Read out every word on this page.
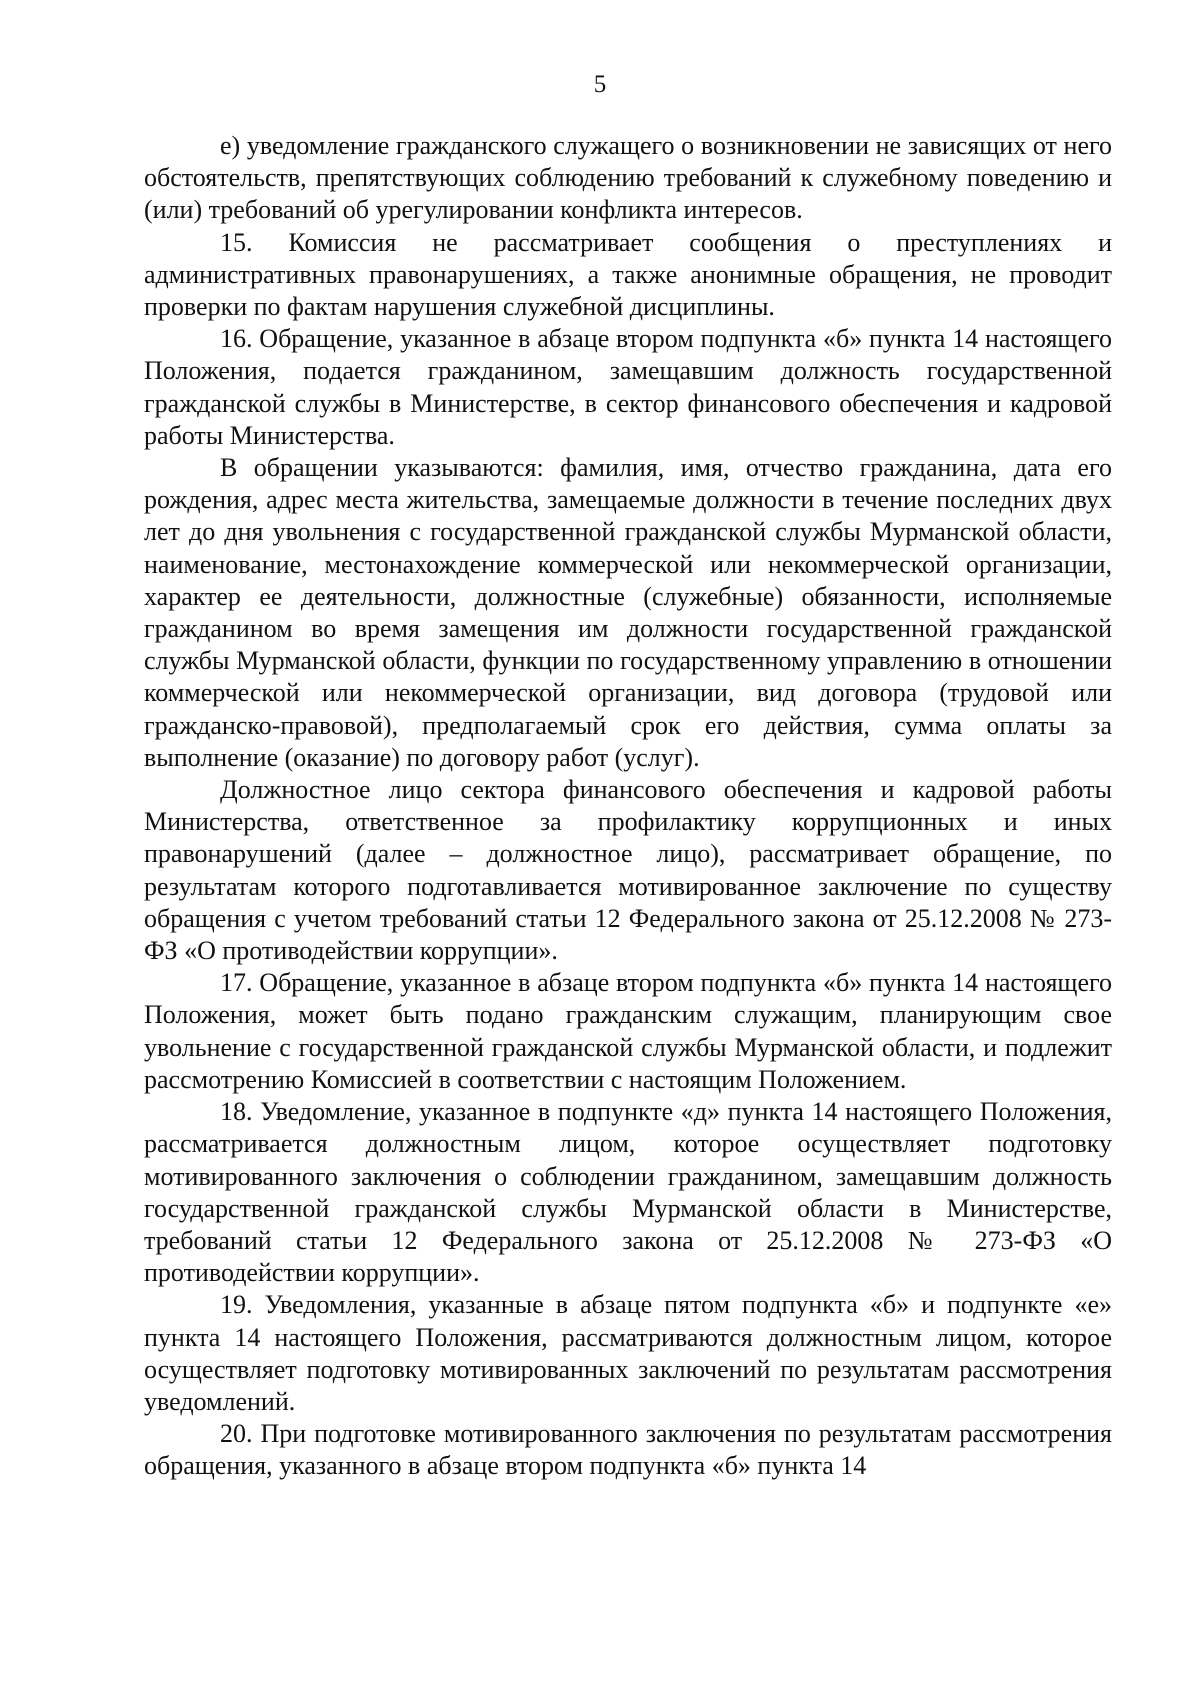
5

е) уведомление гражданского служащего о возникновении не зависящих от него обстоятельств, препятствующих соблюдению требований к служебному поведению и (или) требований об урегулировании конфликта интересов.

15. Комиссия не рассматривает сообщения о преступлениях и административных правонарушениях, а также анонимные обращения, не проводит проверки по фактам нарушения служебной дисциплины.

16. Обращение, указанное в абзаце втором подпункта «б» пункта 14 настоящего Положения, подается гражданином, замещавшим должность государственной гражданской службы в Министерстве, в сектор финансового обеспечения и кадровой работы Министерства.

В обращении указываются: фамилия, имя, отчество гражданина, дата его рождения, адрес места жительства, замещаемые должности в течение последних двух лет до дня увольнения с государственной гражданской службы Мурманской области, наименование, местонахождение коммерческой или некоммерческой организации, характер ее деятельности, должностные (служебные) обязанности, исполняемые гражданином во время замещения им должности государственной гражданской службы Мурманской области, функции по государственному управлению в отношении коммерческой или некоммерческой организации, вид договора (трудовой или гражданско-правовой), предполагаемый срок его действия, сумма оплаты за выполнение (оказание) по договору работ (услуг).

Должностное лицо сектора финансового обеспечения и кадровой работы Министерства, ответственное за профилактику коррупционных и иных правонарушений (далее – должностное лицо), рассматривает обращение, по результатам которого подготавливается мотивированное заключение по существу обращения с учетом требований статьи 12 Федерального закона от 25.12.2008 № 273-ФЗ «О противодействии коррупции».

17. Обращение, указанное в абзаце втором подпункта «б» пункта 14 настоящего Положения, может быть подано гражданским служащим, планирующим свое увольнение с государственной гражданской службы Мурманской области, и подлежит рассмотрению Комиссией в соответствии с настоящим Положением.

18. Уведомление, указанное в подпункте «д» пункта 14 настоящего Положения, рассматривается должностным лицом, которое осуществляет подготовку мотивированного заключения о соблюдении гражданином, замещавшим должность государственной гражданской службы Мурманской области в Министерстве, требований статьи 12 Федерального закона от 25.12.2008 № 273-ФЗ «О противодействии коррупции».

19. Уведомления, указанные в абзаце пятом подпункта «б» и подпункте «е» пункта 14 настоящего Положения, рассматриваются должностным лицом, которое осуществляет подготовку мотивированных заключений по результатам рассмотрения уведомлений.

20. При подготовке мотивированного заключения по результатам рассмотрения обращения, указанного в абзаце втором подпункта «б» пункта 14
